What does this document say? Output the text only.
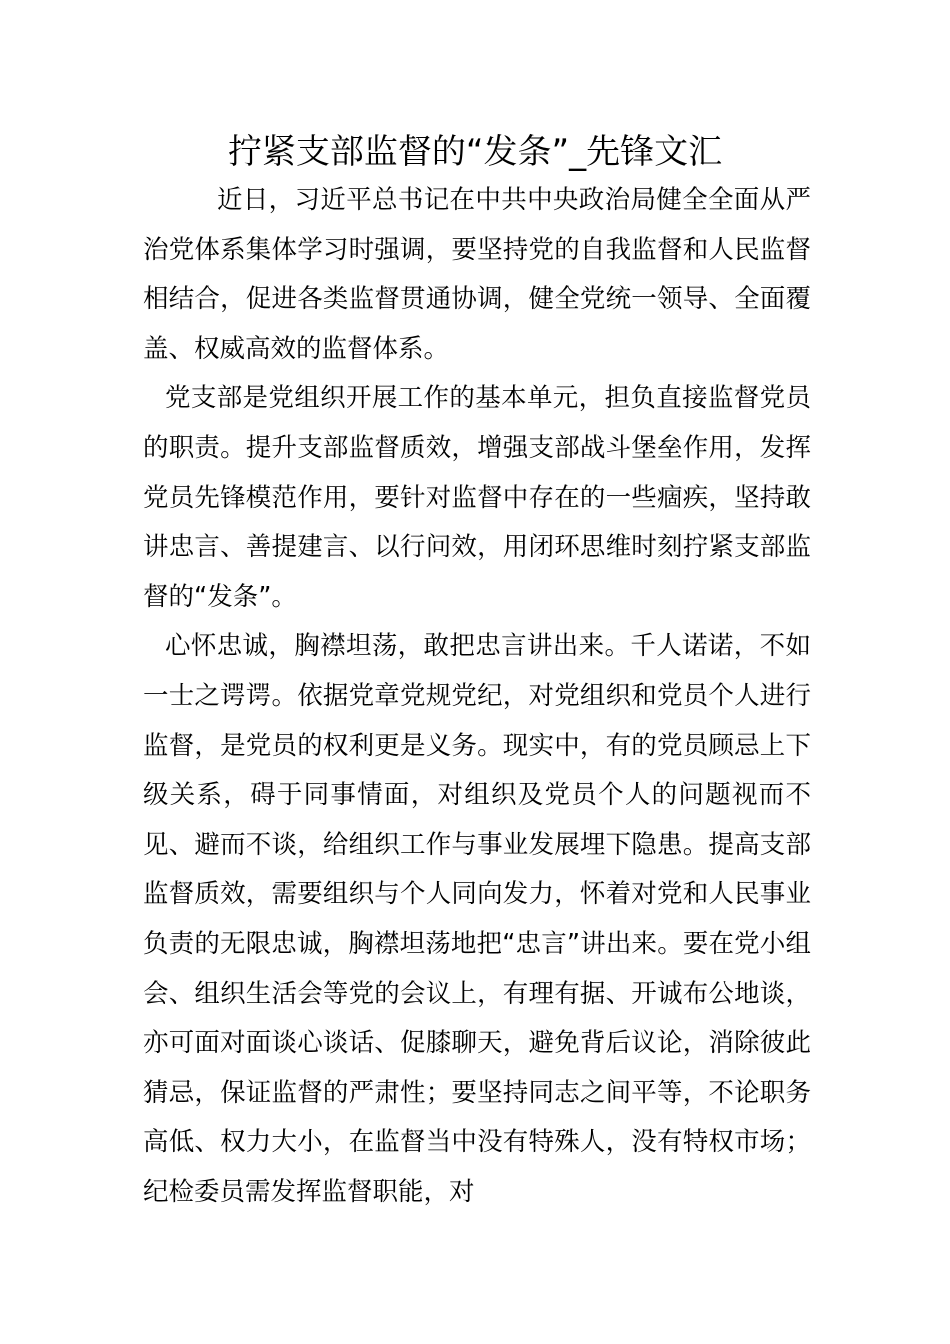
拧紧支部监督的“发条”_先锋文汇

近日，习近平总书记在中共中央政治局健全全面从严治党体系集体学习时强调，要坚持党的自我监督和人民监督相结合，促进各类监督贯通协调，健全党统一领导、全面覆盖、权威高效的监督体系。

党支部是党组织开展工作的基本单元，担负直接监督党员的职责。提升支部监督质效，增强支部战斗堡垒作用，发挥党员先锋模范作用，要针对监督中存在的一些痼疾，坚持敢讲忠言、善提建言、以行问效，用闭环思维时刻拧紧支部监督的“发条”。

心怀忠诚，胸襟坦荡，敢把忠言讲出来。千人诺诺，不如一士之谔谔。依据党章党规党纪，对党组织和党员个人进行监督，是党员的权利更是义务。现实中，有的党员顾忌上下级关系，碍于同事情面，对组织及党员个人的问题视而不见、避而不谈，给组织工作与事业发展埋下隐患。提高支部监督质效，需要组织与个人同向发力，怀着对党和人民事业负责的无限忠诚，胸襟坦荡地把“忠言”讲出来。要在党小组会、组织生活会等党的会议上，有理有据、开诚布公地谈，亦可面对面谈心谈话、促膝聊天，避免背后议论，消除彼此猜忌，保证监督的严肃性；要坚持同志之间平等，不论职务高低、权力大小，在监督当中没有特殊人，没有特权市场；纪检委员需发挥监督职能，对
